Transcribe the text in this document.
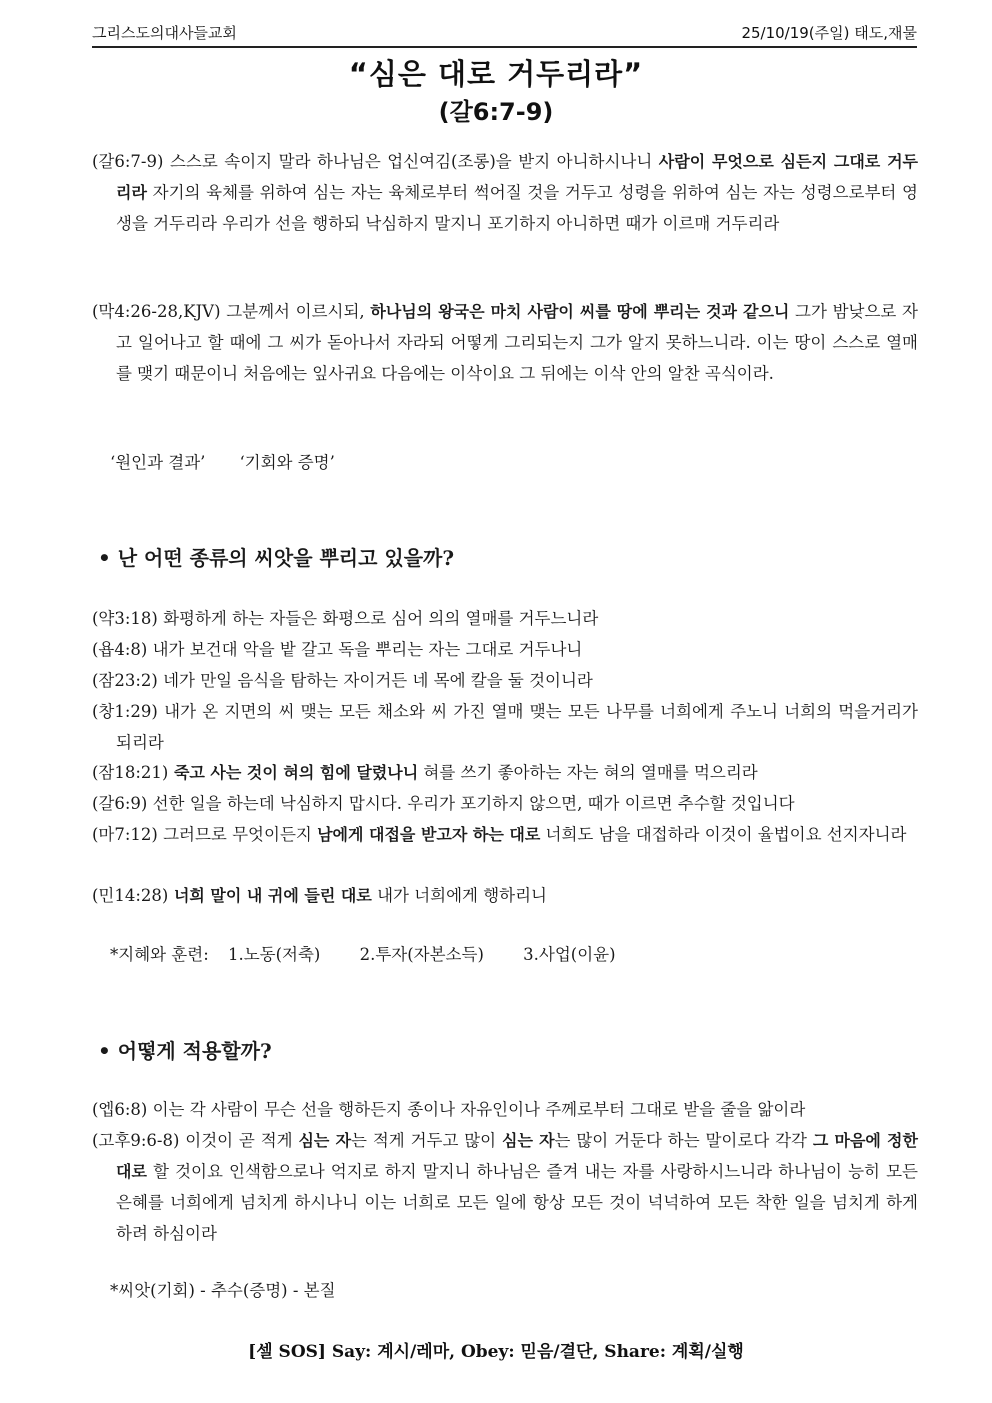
그리스도의대사들교회	25/10/19(주일) 태도,재물
“심은 대로 거두리라”
(갈6:7-9)
(갈6:7-9) 스스로 속이지 말라 하나님은 업신여김(조롱)을 받지 아니하시나니 사람이 무엇으로 심든지 그대로 거두리라 자기의 육체를 위하여 심는 자는 육체로부터 썩어질 것을 거두고 성령을 위하여 심는 자는 성령으로부터 영생을 거두리라 우리가 선을 행하되 낙심하지 말지니 포기하지 아니하면 때가 이르매 거두리라
(막4:26-28,KJV) 그분께서 이르시되, 하나님의 왕국은 마치 사람이 씨를 땅에 뿌리는 것과 같으니 그가 밤낮으로 자고 일어나고 할 때에 그 씨가 돋아나서 자라되 어떻게 그리되는지 그가 알지 못하느니라. 이는 땅이 스스로 열매를 맺기 때문이니 처음에는 잎사귀요 다음에는 이삭이요 그 뒤에는 이삭 안의 알찬 곡식이라.
‘원인과 결과’ ‘기회와 증명’
• 난 어떤 종류의 씨앗을 뿌리고 있을까?
(약3:18) 화평하게 하는 자들은 화평으로 심어 의의 열매를 거두느니라
(욥4:8) 내가 보건대 악을 밭 갈고 독을 뿌리는 자는 그대로 거두나니
(잠23:2) 네가 만일 음식을 탐하는 자이거든 네 목에 칼을 둘 것이니라
(창1:29) 내가 온 지면의 씨 맺는 모든 채소와 씨 가진 열매 맺는 모든 나무를 너희에게 주노니 너희의 먹을거리가 되리라
(잠18:21) 죽고 사는 것이 혀의 힘에 달렸나니 혀를 쓰기 좋아하는 자는 혀의 열매를 먹으리라
(갈6:9) 선한 일을 하는데 낙심하지 맙시다. 우리가 포기하지 않으면, 때가 이르면 추수할 것입니다
(마7:12) 그러므로 무엇이든지 남에게 대접을 받고자 하는 대로 너희도 남을 대접하라 이것이 율법이요 선지자니라
(민14:28) 너희 말이 내 귀에 들린 대로 내가 너희에게 행하리니
*지혜와 훈련: 1.노동(저축) 2.투자(자본소득) 3.사업(이윤)
• 어떻게 적용할까?
(엡6:8) 이는 각 사람이 무슨 선을 행하든지 종이나 자유인이나 주께로부터 그대로 받을 줄을 앎이라
(고후9:6-8) 이것이 곧 적게 심는 자는 적게 거두고 많이 심는 자는 많이 거둔다 하는 말이로다 각각 그 마음에 정한 대로 할 것이요 인색함으로나 억지로 하지 말지니 하나님은 즐겨 내는 자를 사랑하시느니라 하나님이 능히 모든 은혜를 너희에게 넘치게 하시나니 이는 너희로 모든 일에 항상 모든 것이 넉넉하여 모든 착한 일을 넘치게 하게 하려 하심이라
*씨앗(기회) - 추수(증명) - 본질
[셀 SOS] Say: 계시/레마, Obey: 믿음/결단, Share: 계획/실행
